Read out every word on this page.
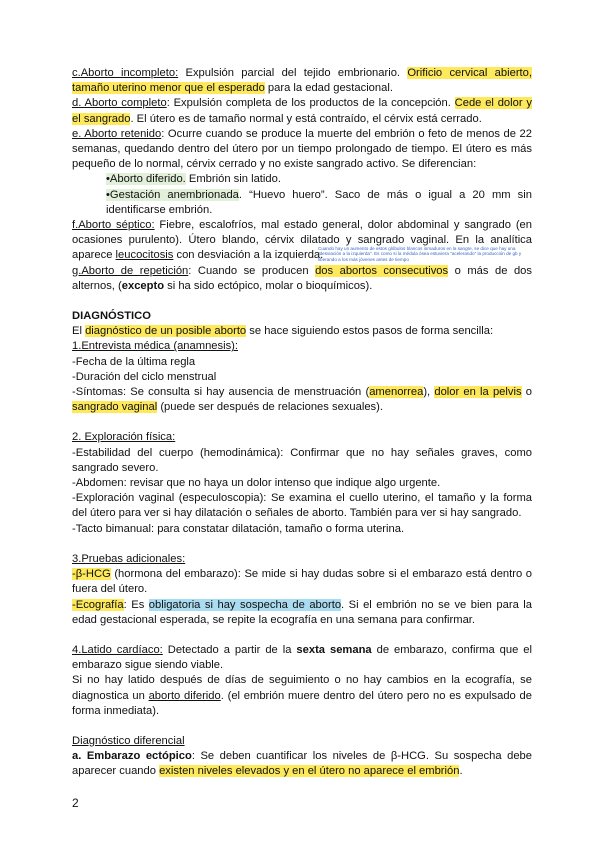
c.Aborto incompleto: Expulsión parcial del tejido embrionario. Orificio cervical abierto, tamaño uterino menor que el esperado para la edad gestacional.

d. Aborto completo: Expulsión completa de los productos de la concepción. Cede el dolor y el sangrado. El útero es de tamaño normal y está contraído, el cérvix está cerrado.

e. Aborto retenido: Ocurre cuando se produce la muerte del embrión o feto de menos de 22 semanas, quedando dentro del útero por un tiempo prolongado de tiempo. El útero es más pequeño de lo normal, cérvix cerrado y no existe sangrado activo. Se diferencian:

•Aborto diferido. Embrión sin latido.

•Gestación anembrionada. “Huevo huero”. Saco de más o igual a 20 mm sin identificarse embrión.

f.Aborto séptico: Fiebre, escalofríos, mal estado general, dolor abdominal y sangrado (en ocasiones purulento). Útero blando, cérvix dilatado y sangrado vaginal. En la analítica aparece leucocitosis con desviación a la izquierda.

g.Aborto de repetición: Cuando se producen dos abortos consecutivos o más de dos alternos, (excepto si ha sido ectópico, molar o bioquímicos).

DIAGNÓSTICO

El diagnóstico de un posible aborto se hace siguiendo estos pasos de forma sencilla:

1.Entrevista médica (anamnesis):

-Fecha de la última regla

-Duración del ciclo menstrual

-Síntomas: Se consulta si hay ausencia de menstruación (amenorrea), dolor en la pelvis o sangrado vaginal (puede ser después de relaciones sexuales).

2. Exploración física:

-Estabilidad del cuerpo (hemodinámica): Confirmar que no hay señales graves, como sangrado severo.

-Abdomen: revisar que no haya un dolor intenso que indique algo urgente.

-Exploración vaginal (especuloscopia): Se examina el cuello uterino, el tamaño y la forma del útero para ver si hay dilatación o señales de aborto. También para ver si hay sangrado.

-Tacto bimanual: para constatar dilatación, tamaño o forma uterina.

3.Pruebas adicionales:

-β-HCG (hormona del embarazo): Se mide si hay dudas sobre si el embarazo está dentro o fuera del útero.

-Ecografía: Es obligatoria si hay sospecha de aborto. Si el embrión no se ve bien para la edad gestacional esperada, se repite la ecografía en una semana para confirmar.

4.Latido cardíaco: Detectado a partir de la sexta semana de embarazo, confirma que el embarazo sigue siendo viable.

Si no hay latido después de días de seguimiento o no hay cambios en la ecografía, se diagnostica un aborto diferido. (el embrión muere dentro del útero pero no es expulsado de forma inmediata).

Diagnóstico diferencial

a. Embarazo ectópico: Se deben cuantificar los niveles de β-HCG. Su sospecha debe aparecer cuando existen niveles elevados y en el útero no aparece el embrión.

Cuando hay un aumento de estos glóbulos blancos inmaduros en la sangre, se dice que hay una "desviación a la izquierda". Es como si la médula ósea estuviera "acelerando" la producción de gb y liberando a los más jóvenes antes de tiempo
2
